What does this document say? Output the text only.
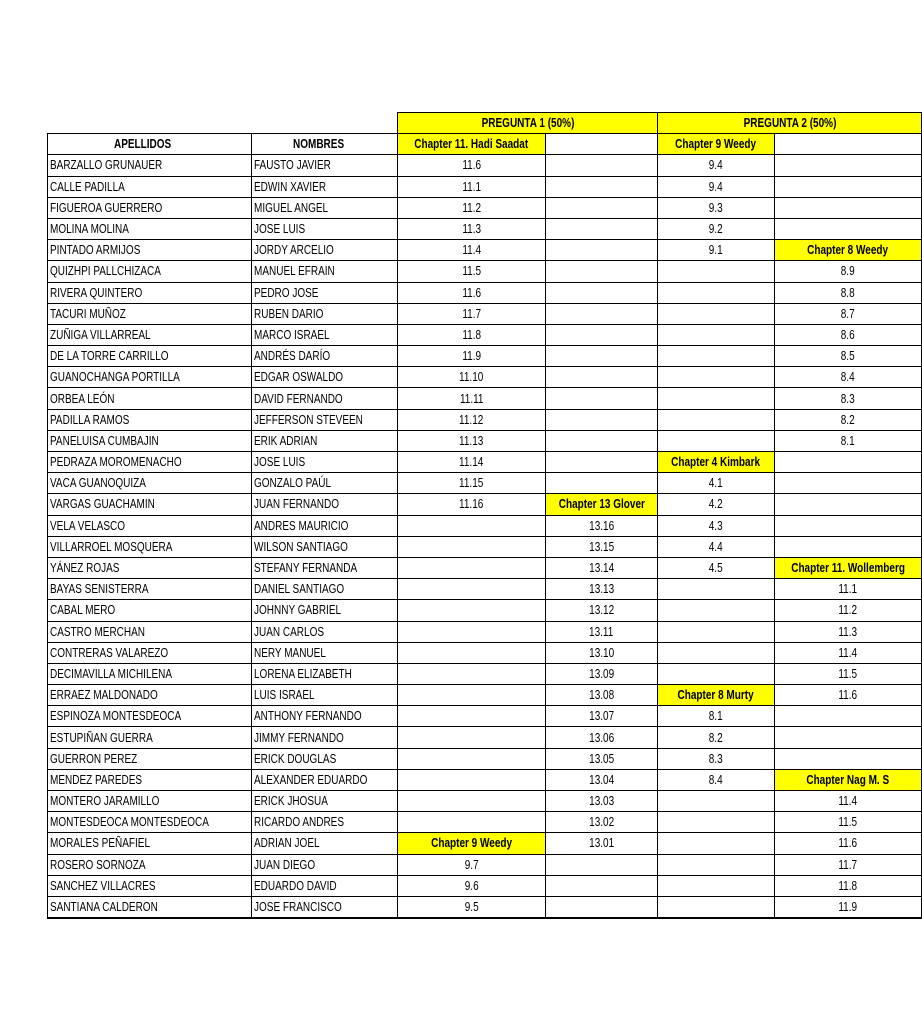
		PREGUNTA 1 (50%)		PREGUNTA 2 (50%)	
APELLIDOS	NOMBRES	Chapter 11. Hadi Saadat		Chapter 9 Weedy	
BARZALLO GRUNAUER	FAUSTO JAVIER	11.6		9.4	
CALLE PADILLA	EDWIN XAVIER	11.1		9.4	
FIGUEROA GUERRERO	MIGUEL ANGEL	11.2		9.3	
MOLINA MOLINA	JOSE LUIS	11.3		9.2	
PINTADO ARMIJOS	JORDY ARCELIO	11.4		9.1	Chapter 8 Weedy
QUIZHPI PALLCHIZACA	MANUEL EFRAIN	11.5			8.9
RIVERA QUINTERO	PEDRO JOSE	11.6			8.8
TACURI MUÑOZ	RUBEN DARIO	11.7			8.7
ZUÑIGA VILLARREAL	MARCO ISRAEL	11.8			8.6
DE LA TORRE CARRILLO	ANDRÉS DARÍO	11.9			8.5
GUANOCHANGA PORTILLA	EDGAR OSWALDO	11.10			8.4
ORBEA LEÓN	DAVID FERNANDO	11.11			8.3
PADILLA RAMOS	JEFFERSON STEVEEN	11.12			8.2
PANELUISA CUMBAJIN	ERIK ADRIAN	11.13			8.1
PEDRAZA MOROMENACHO	JOSE LUIS	11.14		Chapter 4 Kimbark	
VACA GUANOQUIZA	GONZALO PAÚL	11.15		4.1	
VARGAS GUACHAMIN	JUAN FERNANDO	11.16	Chapter 13 Glover	4.2	
VELA VELASCO	ANDRES MAURICIO		13.16	4.3	
VILLARROEL MOSQUERA	WILSON SANTIAGO		13.15	4.4	
YÁNEZ ROJAS	STEFANY FERNANDA		13.14	4.5	Chapter 11. Wollemberg
BAYAS SENISTERRA	DANIEL SANTIAGO		13.13		11.1
CABAL MERO	JOHNNY GABRIEL		13.12		11.2
CASTRO MERCHAN	JUAN CARLOS		13.11		11.3
CONTRERAS VALAREZO	NERY MANUEL		13.10		11.4
DECIMAVILLA MICHILENA	LORENA ELIZABETH		13.09		11.5
ERRAEZ MALDONADO	LUIS ISRAEL		13.08	Chapter 8 Murty	11.6
ESPINOZA MONTESDEOCA	ANTHONY FERNANDO		13.07	8.1	
ESTUPIÑAN GUERRA	JIMMY FERNANDO		13.06	8.2	
GUERRON PEREZ	ERICK DOUGLAS		13.05	8.3	
MENDEZ PAREDES	ALEXANDER EDUARDO		13.04	8.4	Chapter Nag M. S
MONTERO JARAMILLO	ERICK JHOSUA		13.03		11.4
MONTESDEOCA MONTESDEOCA	RICARDO ANDRES		13.02		11.5
MORALES PEÑAFIEL	ADRIAN JOEL	Chapter 9 Weedy	13.01		11.6
ROSERO SORNOZA	JUAN DIEGO	9.7			11.7
SANCHEZ VILLACRES	EDUARDO DAVID	9.6			11.8
SANTIANA CALDERON	JOSE FRANCISCO	9.5			11.9
